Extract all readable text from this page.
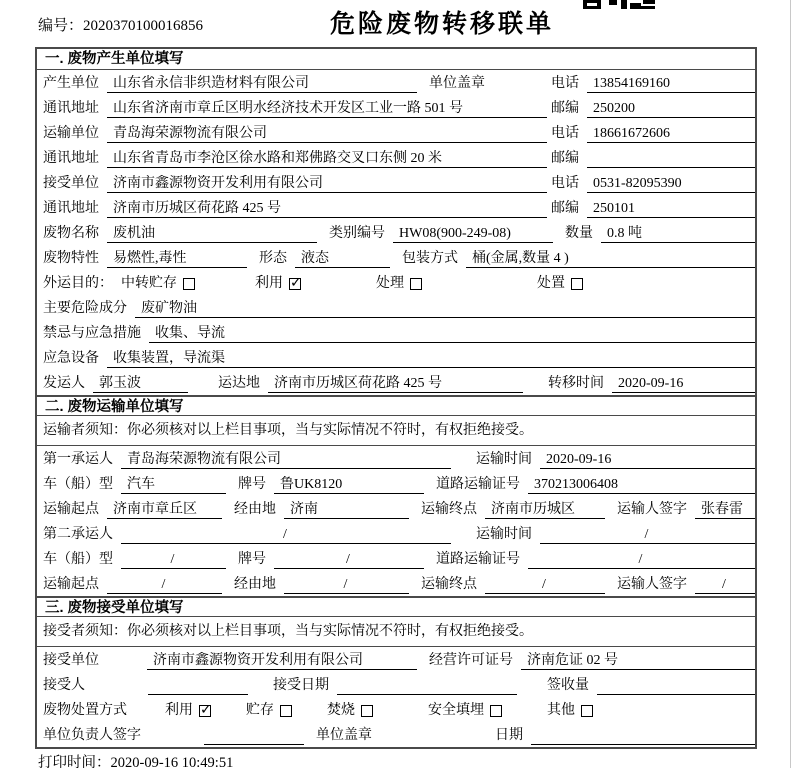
编号：2020370100016856	危险废物转移联单
一. 废物产生单位填写
产生单位	山东省永信非织造材料有限公司	单位盖章	电话	13854169160
通讯地址	山东省济南市章丘区明水经济技术开发区工业一路 501 号	邮编	250200
运输单位	青岛海荣源物流有限公司	电话	18661672606
通讯地址	山东省青岛市李沧区徐水路和郑佛路交叉口东侧 20 米	邮编
接受单位	济南市鑫源物资开发利用有限公司	电话	0531-82095390
通讯地址	济南市历城区荷花路 425 号	邮编	250101
废物名称	废机油	类别编号	HW08(900-249-08)	数量	0.8 吨
废物特性	易燃性,毒性	形态	液态	包装方式	桶(金属,数量 4 )
外运目的： 中转贮存	利用 ✓	处理	处置
主要危险成分	废矿物油
禁忌与应急措施	收集、导流
应急设备	收集装置，导流渠
发运人	郭玉波	运达地	济南市历城区荷花路 425 号	转移时间	2020-09-16
二. 废物运输单位填写
运输者须知：你必须核对以上栏目事项，当与实际情况不符时，有权拒绝接受。
第一承运人	青岛海荣源物流有限公司	运输时间	2020-09-16
车（船）型	汽车	牌号	鲁UK8120	道路运输证号	370213006408
运输起点	济南市章丘区	经由地	济南	运输终点	济南市历城区	运输人签字	张春雷
第二承运人	/	运输时间	/
车（船）型	/	牌号	/	道路运输证号	/
运输起点	/	经由地	/	运输终点	/	运输人签字	/
三. 废物接受单位填写
接受者须知：你必须核对以上栏目事项，当与实际情况不符时，有权拒绝接受。
接受单位	济南市鑫源物资开发利用有限公司	经营许可证号	济南危证 02 号
接受人	接受日期	签收量
废物处置方式	利用 ✓	贮存	焚烧	安全填埋	其他
单位负责人签字	单位盖章	日期
打印时间：2020-09-16 10:49:51
